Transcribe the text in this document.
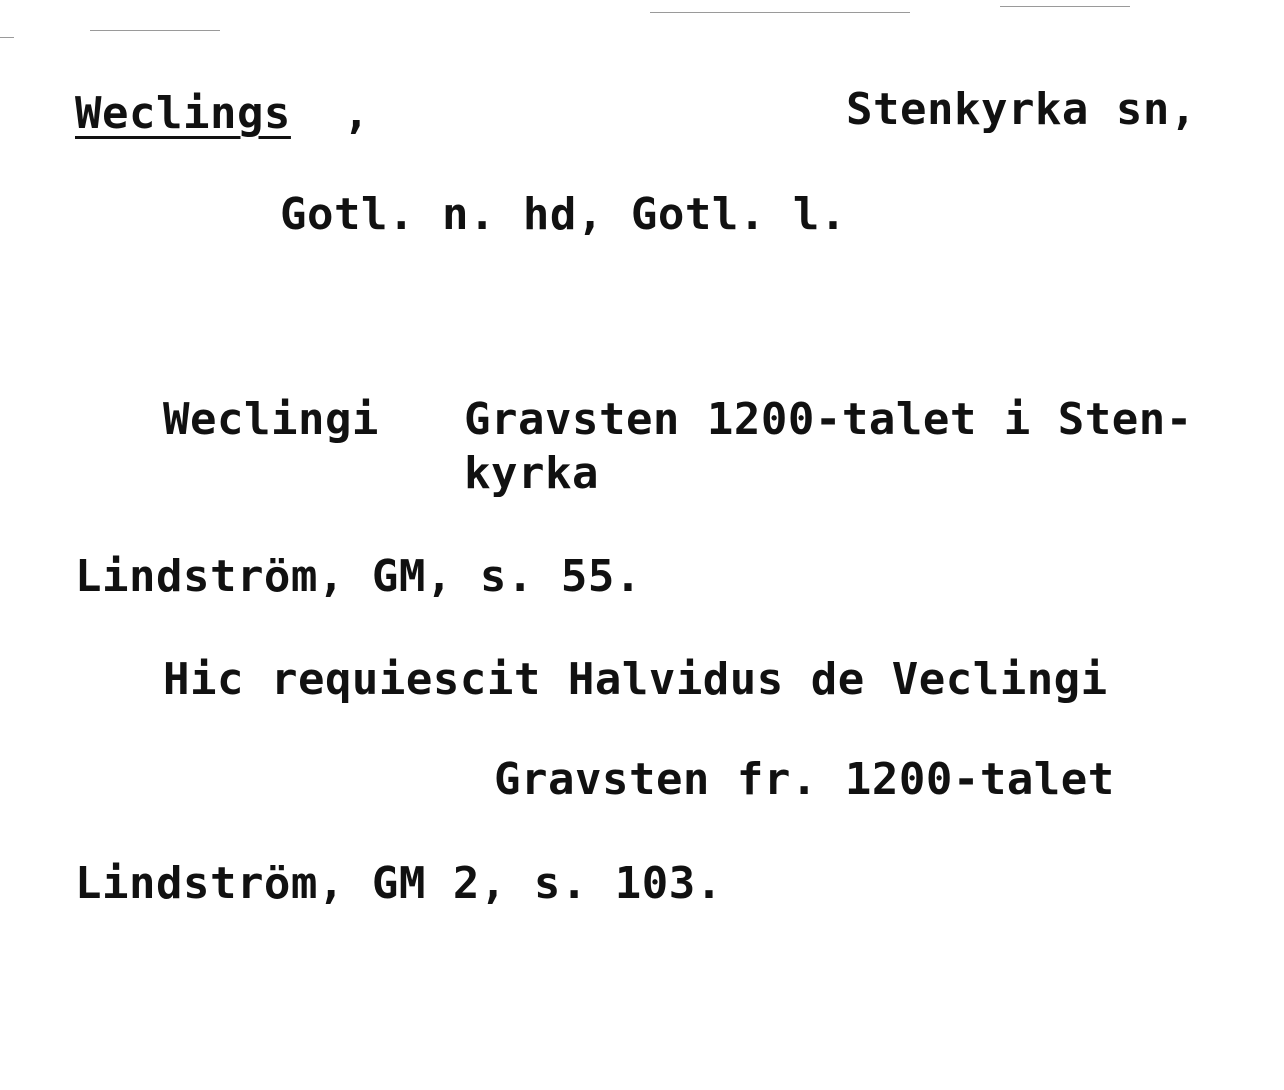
Weclings ,	Stenkyrka sn,
Gotl. n. hd, Gotl. l.
Weclingi Gravsten 1200-talet i Sten-
kyrka
Lindström, GM, s. 55.
Hic requiescit Halvidus de Veclingi
Gravsten fr. 1200-talet
Lindström, GM 2, s. 103.
